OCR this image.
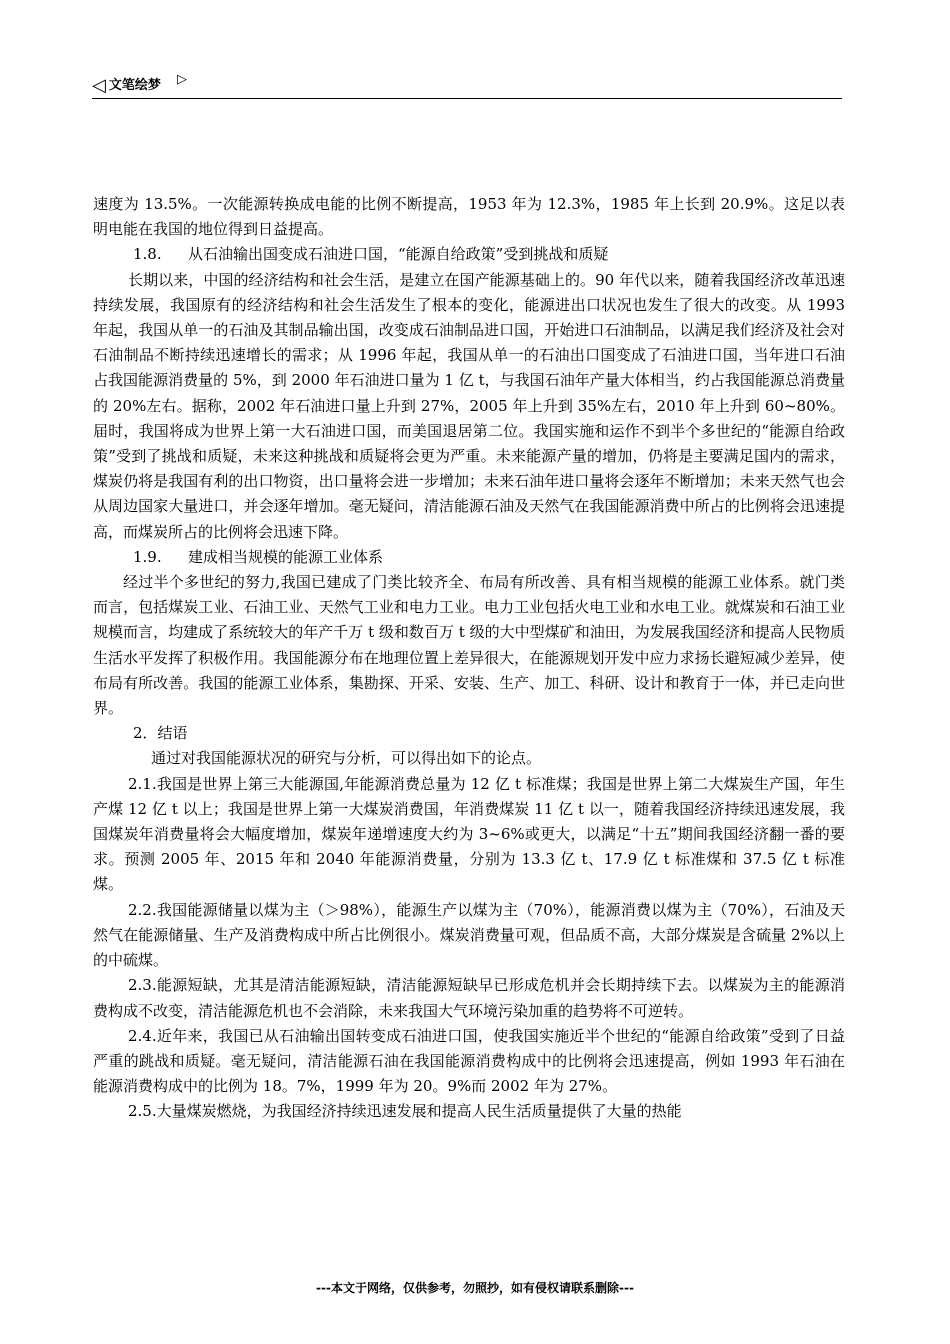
◁ 文笔绘梦 ▷

速度为 13.5%。一次能源转换成电能的比例不断提高，1953 年为 12.3%，1985 年上长到 20.9%。这足以表明电能在我国的地位得到日益提高。

1.8. 从石油输出国变成石油进口国，“能源自给政策”受到挑战和质疑

长期以来，中国的经济结构和社会生活，是建立在国产能源基础上的。90 年代以来，随着我国经济改革迅速持续发展，我国原有的经济结构和社会生活发生了根本的变化，能源进出口状况也发生了很大的改变。从 1993 年起，我国从单一的石油及其制品输出国，改变成石油制品进口国，开始进口石油制品，以满足我们经济及社会对石油制品不断持续迅速增长的需求；从 1996 年起，我国从单一的石油出口国变成了石油进口国，当年进口石油占我国能源消费量的 5%，到 2000 年石油进口量为 1 亿 t，与我国石油年产量大体相当，约占我国能源总消费量的 20%左右。据称，2002 年石油进口量上升到 27%，2005 年上升到 35%左右，2010 年上升到 60~80%。届时，我国将成为世界上第一大石油进口国，而美国退居第二位。我国实施和运作不到半个多世纪的“能源自给政策”受到了挑战和质疑，未来这种挑战和质疑将会更为严重。未来能源产量的增加，仍将是主要满足国内的需求，煤炭仍将是我国有利的出口物资，出口量将会进一步增加；未来石油年进口量将会逐年不断增加；未来天然气也会从周边国家大量进口，并会逐年增加。毫无疑问，清洁能源石油及天然气在我国能源消费中所占的比例将会迅速提高，而煤炭所占的比例将会迅速下降。

1.9. 建成相当规模的能源工业体系

经过半个多世纪的努力,我国已建成了门类比较齐全、布局有所改善、具有相当规模的能源工业体系。就门类而言，包括煤炭工业、石油工业、天然气工业和电力工业。电力工业包括火电工业和水电工业。就煤炭和石油工业规模而言，均建成了系统较大的年产千万 t 级和数百万 t 级的大中型煤矿和油田，为发展我国经济和提高人民物质生活水平发挥了积极作用。我国能源分布在地理位置上差异很大，在能源规划开发中应力求扬长避短减少差异，使布局有所改善。我国的能源工业体系，集勘探、开采、安装、生产、加工、科研、设计和教育于一体，并已走向世界。

2．结语

通过对我国能源状况的研究与分析，可以得出如下的论点。

2.1.我国是世界上第三大能源国,年能源消费总量为 12 亿 t 标准煤；我国是世界上第二大煤炭生产国，年生产煤 12 亿 t 以上；我国是世界上第一大煤炭消费国，年消费煤炭 11 亿 t 以一，随着我国经济持续迅速发展，我国煤炭年消费量将会大幅度增加，煤炭年递增速度大约为 3~6%或更大，以满足“十五”期间我国经济翻一番的要求。预测 2005 年、2015 年和 2040 年能源消费量，分别为 13.3 亿 t、17.9 亿 t 标准煤和 37.5 亿 t 标准煤。

2.2.我国能源储量以煤为主（＞98%），能源生产以煤为主（70%），能源消费以煤为主（70%），石油及天然气在能源储量、生产及消费构成中所占比例很小。煤炭消费量可观，但品质不高，大部分煤炭是含硫量 2%以上的中硫煤。

2.3.能源短缺，尤其是清洁能源短缺，清洁能源短缺早已形成危机并会长期持续下去。以煤炭为主的能源消费构成不改变，清洁能源危机也不会消除，未来我国大气环境污染加重的趋势将不可逆转。

2.4.近年来，我国已从石油输出国转变成石油进口国，使我国实施近半个世纪的“能源自给政策”受到了日益严重的跳战和质疑。毫无疑问，清洁能源石油在我国能源消费构成中的比例将会迅速提高，例如 1993 年石油在能源消费构成中的比例为 18。7%，1999 年为 20。9%而 2002 年为 27%。

2.5.大量煤炭燃烧，为我国经济持续迅速发展和提高人民生活质量提供了大量的热能

---本文于网络，仅供参考，勿照抄，如有侵权请联系删除---
